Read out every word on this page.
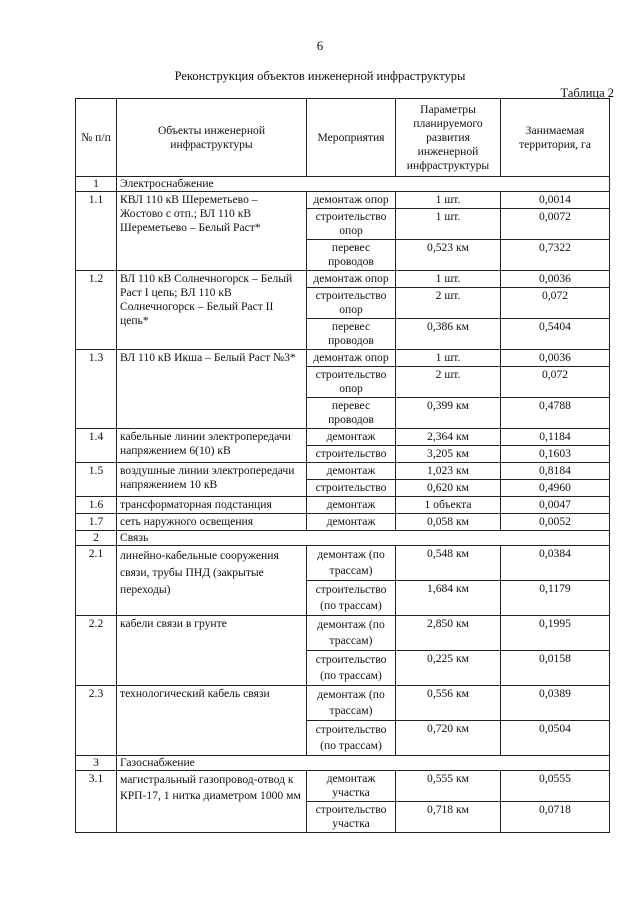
6
Реконструкция объектов инженерной инфраструктуры
Таблица 2
№ п/п	Объекты инженерной инфраструктуры	Мероприятия	Параметры планируемого развития инженерной инфраструктуры	Занимаемая территория, га
1	Электроснабжение			
1.1	КВЛ 110 кВ Шереметьево – Жостово с отп.; ВЛ 110 кВ Шереметьево – Белый Раст*	демонтаж опор	1 шт.	0,0014
		строительство опор	1 шт.	0,0072
		перевес проводов	0,523 км	0,7322
1.2	ВЛ 110 кВ Солнечногорск – Белый Раст I цепь; ВЛ 110 кВ Солнечногорск – Белый Раст II цепь*	демонтаж опор	1 шт.	0,0036
		строительство опор	2 шт.	0,072
		перевес проводов	0,386 км	0,5404
1.3	ВЛ 110 кВ Икша – Белый Раст №3*	демонтаж опор	1 шт.	0,0036
		строительство опор	2 шт.	0,072
		перевес проводов	0,399 км	0,4788
1.4	кабельные линии электропередачи напряжением 6(10) кВ	демонтаж	2,364 км	0,1184
		строительство	3,205 км	0,1603
1.5	воздушные линии электропередачи напряжением 10 кВ	демонтаж	1,023 км	0,8184
		строительство	0,620 км	0,4960
1.6	трансформаторная подстанция	демонтаж	1 объекта	0,0047
1.7	сеть наружного освещения	демонтаж	0,058 км	0,0052
2	Связь			
2.1	линейно-кабельные сооружения связи, трубы ПНД (закрытые переходы)	демонтаж (по трассам)	0,548 км	0,0384
		строительство (по трассам)	1,684 км	0,1179
2.2	кабели связи в грунте	демонтаж (по трассам)	2,850 км	0,1995
		строительство (по трассам)	0,225 км	0,0158
2.3	технологический кабель связи	демонтаж (по трассам)	0,556 км	0,0389
		строительство (по трассам)	0,720 км	0,0504
3	Газоснабжение			
3.1	магистральный газопровод-отвод к КРП-17, 1 нитка диаметром 1000 мм	демонтаж участка	0,555 км	0,0555
		строительство участка	0,718 км	0,0718
